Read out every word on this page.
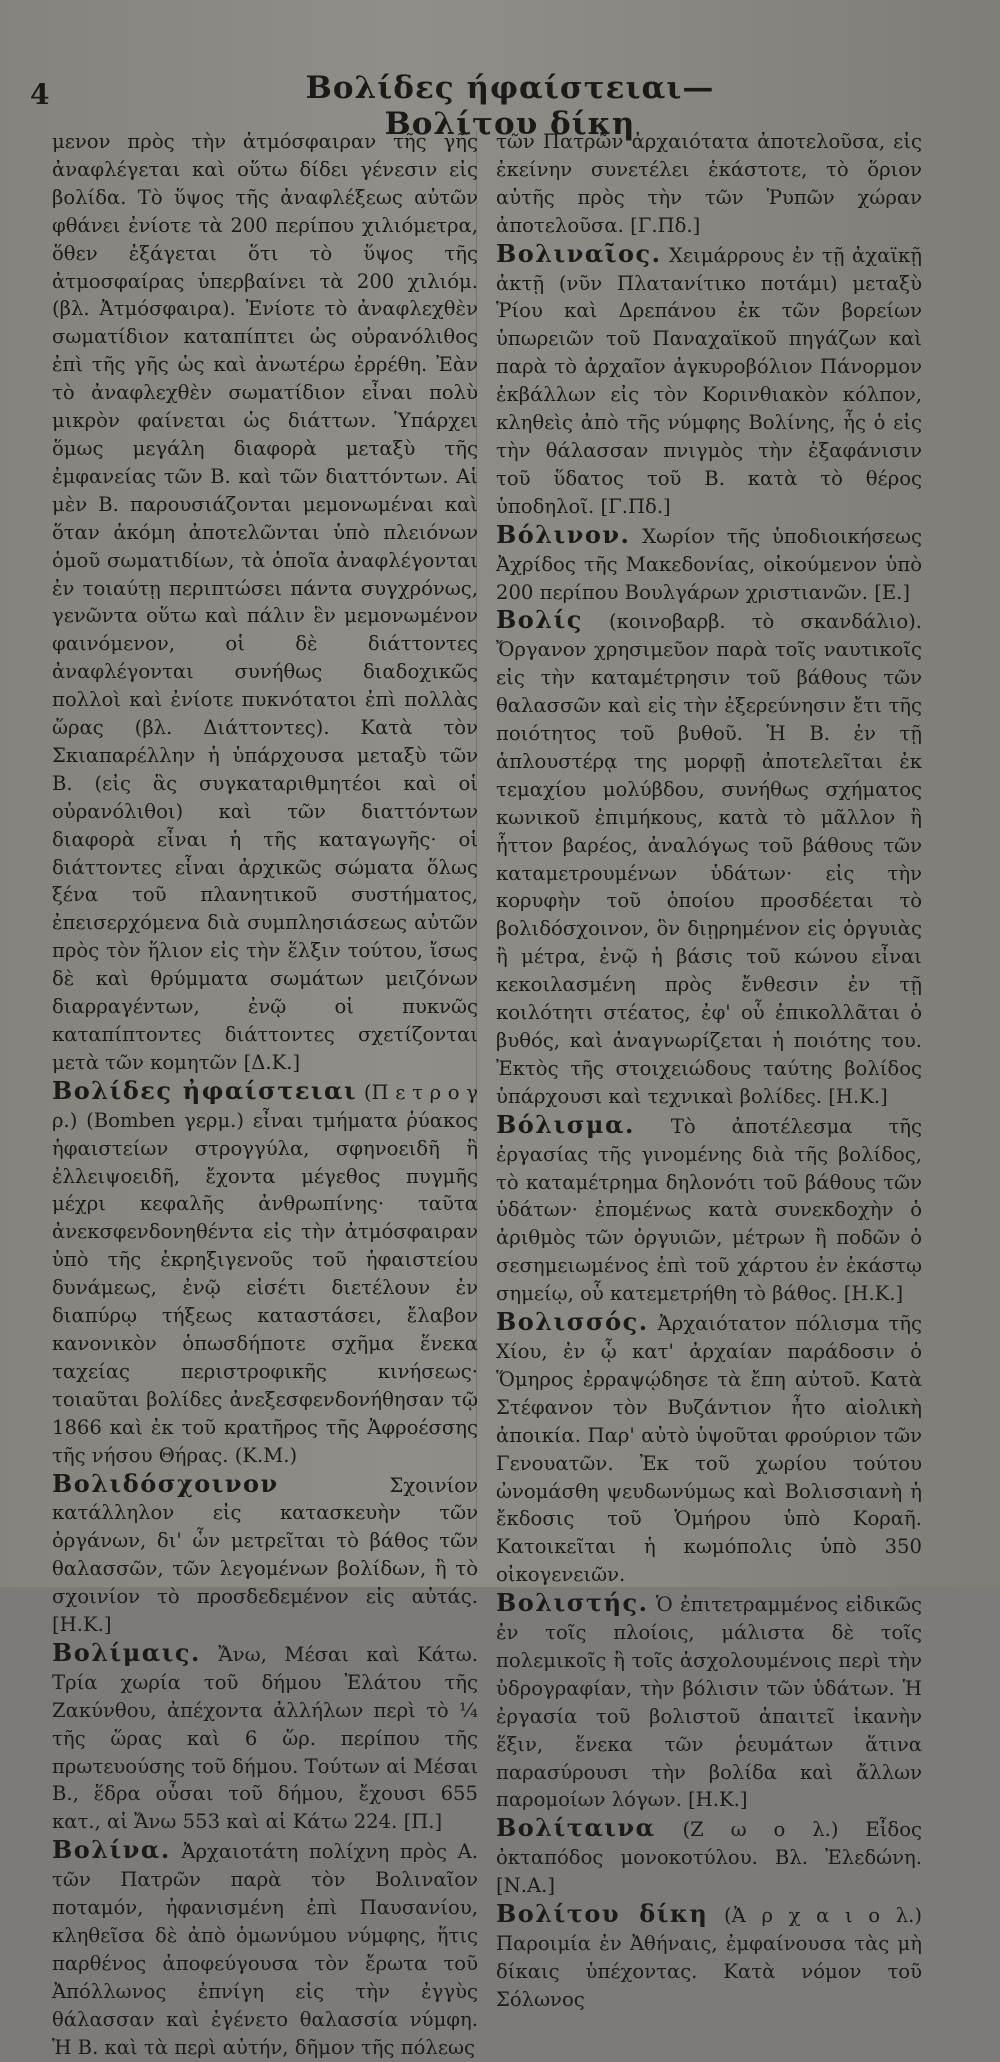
4	Βολίδες ήφαίστειαι—Βολίτου δίκη

μενον πρὸς τὴν ἀτμόσφαιραν τῆς γῆς ἀναφλέγεται καὶ οὕτω δίδει γένεσιν εἰς βολίδα. Τὸ ὕψος τῆς ἀναφλέξεως αὐτῶν φθάνει ἐνίοτε τὰ 200 περίπου χιλιόμετρα, ὅθεν ἐξάγεται ὅτι τὸ ὕψος τῆς ἀτμοσφαίρας ὑπερβαίνει τὰ 200 χιλιόμ. (βλ. Ἀτμόσφαιρα). Ἐνίοτε τὸ ἀναφλεχθὲν σωματίδιον καταπίπτει ὡς οὐρανόλιθος ἐπὶ τῆς γῆς ὡς καὶ ἀνωτέρω ἐρρέθη. Ἐὰν τὸ ἀναφλεχθὲν σωματίδιον εἶναι πολὺ μικρὸν φαίνεται ὡς διάττων. Ὑπάρχει ὅμως μεγάλη διαφορὰ μεταξὺ τῆς ἐμφανείας τῶν Β. καὶ τῶν διαττόντων. Αἱ μὲν Β. παρουσιάζονται μεμονωμέναι καὶ ὅταν ἀκόμη ἀποτελῶνται ὑπὸ πλειόνων ὁμοῦ σωματιδίων, τὰ ὁποῖα ἀναφλέγονται ἐν τοιαύτῃ περιπτώσει πάντα συγχρόνως, γενῶντα οὕτω καὶ πάλιν ἓν μεμονωμένον φαινόμενον, οἱ δὲ διάττοντες ἀναφλέγονται συνήθως διαδοχικῶς πολλοὶ καὶ ἐνίοτε πυκνότατοι ἐπὶ πολλὰς ὥρας (βλ. Διάττοντες). Κατὰ τὸν Σκιαπαρέλλην ἡ ὑπάρχουσα μεταξὺ τῶν Β. (εἰς ἃς συγκαταριθμητέοι καὶ οἱ οὐρανόλιθοι) καὶ τῶν διαττόντων διαφορὰ εἶναι ἡ τῆς καταγωγῆς· οἱ διάττοντες εἶναι ἀρχικῶς σώματα ὅλως ξένα τοῦ πλανητικοῦ συστήματος, ἐπεισερχόμενα διὰ συμπλησιάσεως αὐτῶν πρὸς τὸν ἥλιον εἰς τὴν ἕλξιν τούτου, ἴσως δὲ καὶ θρύμματα σωμάτων μειζόνων διαρραγέντων, ἐνῷ οἱ πυκνῶς καταπίπτοντες διάττοντες σχετίζονται μετὰ τῶν κομητῶν [Δ.Κ.]

Βολίδες ἠφαίστειαι (Π ε τ ρ ο γ ρ.) (Bomben γερμ.) εἶναι τμήματα ῥύακος ἡφαιστείων στρογγύλα, σφηνοειδῆ ἢ ἐλλειψοειδῆ, ἔχοντα μέγεθος πυγμῆς μέχρι κεφαλῆς ἀνθρωπίνης· ταῦτα ἀνεκσφενδονηθέντα εἰς τὴν ἀτμόσφαιραν ὑπὸ τῆς ἐκρηξιγενοῦς τοῦ ἡφαιστείου δυνάμεως, ἐνῷ εἰσέτι διετέλουν ἐν διαπύρῳ τήξεως καταστάσει, ἔλαβον κανονικὸν ὁπωσδήποτε σχῆμα ἕνεκα ταχείας περιστροφικῆς κινήσεως· τοιαῦται βολίδες ἀνεξεσφενδονήθησαν τῷ 1866 καὶ ἐκ τοῦ κρατῆρος τῆς Ἀφροέσσης τῆς νήσου Θήρας. (Κ.Μ.)

Βολιδόσχοινον	Σχοινίον κατάλληλον εἰς κατασκευὴν τῶν ὀργάνων, δι' ὧν μετρεῖται τὸ βάθος τῶν θαλασσῶν, τῶν λεγομένων βολίδων, ἢ τὸ σχοινίον τὸ προσδεδεμένον εἰς αὐτάς. [Η.Κ.]

Βολίμαις. Ἄνω, Μέσαι καὶ Κάτω. Τρία χωρία τοῦ δήμου Ἐλάτου τῆς Ζακύνθου, ἀπέχοντα ἀλλήλων περὶ τὸ ¼ τῆς ὥρας καὶ 6 ὥρ. περίπου τῆς πρωτευούσης τοῦ δήμου. Τούτων αἱ Μέσαι Β., ἕδρα οὖσαι τοῦ δήμου, ἔχουσι 655 κατ., αἱ Ἄνω 553 καὶ αἱ Κάτω 224. [Π.]

Βολίνα. Ἀρχαιοτάτη πολίχνη πρὸς Α. τῶν Πατρῶν παρὰ τὸν Βολιναῖον ποταμόν, ἠφανισμένη ἐπὶ Παυσανίου, κληθεῖσα δὲ ἀπὸ ὁμωνύμου νύμφης, ἥτις παρθένος ἀποφεύγουσα τὸν ἔρωτα τοῦ Ἀπόλλωνος ἐπνίγη εἰς τὴν ἐγγὺς θάλασσαν καὶ ἐγένετο θαλασσία νύμφη. Ἡ Β. καὶ τὰ περὶ αὐτήν, δῆμον τῆς πόλεως

τῶν Πατρῶν ἀρχαιότατα ἀποτελοῦσα, εἰς ἐκείνην συνετέλει ἑκάστοτε, τὸ ὅριον αὐτῆς πρὸς τὴν τῶν Ῥυπῶν χώραν ἀποτελοῦσα. [Γ.Πδ.]

Βολιναῖος. Χειμάρρους ἐν τῇ ἀχαϊκῇ ἀκτῇ (νῦν Πλατανίτικο ποτάμι) μεταξὺ Ῥίου καὶ Δρεπάνου ἐκ τῶν βορείων ὑπωρειῶν τοῦ Παναχαϊκοῦ πηγάζων καὶ παρὰ τὸ ἀρχαῖον ἀγκυροβόλιον Πάνορμον ἐκβάλλων εἰς τὸν Κορινθιακὸν κόλπον, κληθεὶς ἀπὸ τῆς νύμφης Βολίνης, ἧς ὁ εἰς τὴν θάλασσαν πνιγμὸς τὴν ἐξαφάνισιν τοῦ ὕδατος τοῦ Β. κατὰ τὸ θέρος ὑποδηλοῖ. [Γ.Πδ.]

Βόλινον. Χωρίον τῆς ὑποδιοικήσεως Ἀχρίδος τῆς Μακεδονίας, οἰκούμενον ὑπὸ 200 περίπου Βουλγάρων χριστιανῶν. [Ε.]

Βολίς (κοινοβαρβ. τὸ σκανδάλιο). Ὄργανον χρησιμεῦον παρὰ τοῖς ναυτικοῖς εἰς τὴν καταμέτρησιν τοῦ βάθους τῶν θαλασσῶν καὶ εἰς τὴν ἐξερεύνησιν ἔτι τῆς ποιότητος τοῦ βυθοῦ. Ἡ Β. ἐν τῇ ἁπλουστέρᾳ της μορφῇ ἀποτελεῖται ἐκ τεμαχίου μολύβδου, συνήθως σχήματος κωνικοῦ ἐπιμήκους, κατὰ τὸ μᾶλλον ἢ ἧττον βαρέος, ἀναλόγως τοῦ βάθους τῶν καταμετρουμένων ὑδάτων· εἰς τὴν κορυφὴν τοῦ ὁποίου προσδέεται τὸ βολιδόσχοινον, ὃν διῃρημένον εἰς ὀργυιὰς ἢ μέτρα, ἐνῷ ἡ βάσις τοῦ κώνου εἶναι κεκοιλασμένη πρὸς ἔνθεσιν ἐν τῇ κοιλότητι στέατος, ἐφ' οὗ ἐπικολλᾶται ὁ βυθός, καὶ ἀναγνωρίζεται ἡ ποιότης του. Ἐκτὸς τῆς στοιχειώδους ταύτης βολίδος ὑπάρχουσι καὶ τεχνικαὶ βολίδες. [Η.Κ.]

Βόλισμα. Τὸ ἀποτέλεσμα τῆς ἐργασίας τῆς γινομένης διὰ τῆς βολίδος, τὸ καταμέτρημα δηλονότι τοῦ βάθους τῶν ὑδάτων· ἐπομένως κατὰ συνεκδοχὴν ὁ ἀριθμὸς τῶν ὀργυιῶν, μέτρων ἢ ποδῶν ὁ σεσημειωμένος ἐπὶ τοῦ χάρτου ἐν ἑκάστῳ σημείῳ, οὗ κατεμετρήθη τὸ βάθος. [Η.Κ.]

Βολισσός. Ἀρχαιότατον πόλισμα τῆς Χίου, ἐν ᾧ κατ' ἀρχαίαν παράδοσιν ὁ Ὅμηρος ἐρραψῴδησε τὰ ἔπη αὐτοῦ. Κατὰ Στέφανον τὸν Βυζάντιον ἦτο αἰολικὴ ἀποικία. Παρ' αὐτὸ ὑψοῦται φρούριον τῶν Γενουατῶν. Ἐκ τοῦ χωρίου τούτου ὠνομάσθη ψευδωνύμως καὶ Βολισσιανὴ ἡ ἔκδοσις τοῦ Ὁμήρου ὑπὸ Κοραῆ. Κατοικεῖται ἡ κωμόπολις ὑπὸ 350 οἰκογενειῶν.

Βολιστής. Ὁ ἐπιτετραμμένος εἰδικῶς ἐν τοῖς πλοίοις, μάλιστα δὲ τοῖς πολεμικοῖς ἢ τοῖς ἀσχολουμένοις περὶ τὴν ὑδρογραφίαν, τὴν βόλισιν τῶν ὑδάτων. Ἡ ἐργασία τοῦ βολιστοῦ ἀπαιτεῖ ἱκανὴν ἕξιν, ἕνεκα τῶν ῥευμάτων ἅτινα παρασύρουσι τὴν βολίδα καὶ ἄλλων παρομοίων λόγων. [Η.Κ.]

Βολίταινα (Ζ ω ο λ.) Εἶδος ὀκταπόδος μονοκοτύλου. Βλ. Ἐλεδώνη. [Ν.Α.]

Βολίτου δίκη (Ἀ ρ χ α ι ο λ.) Παροιμία ἐν Ἀθήναις, ἐμφαίνουσα τὰς μὴ δίκαις ὑπέχοντας. Κατὰ νόμον τοῦ Σόλωνος
